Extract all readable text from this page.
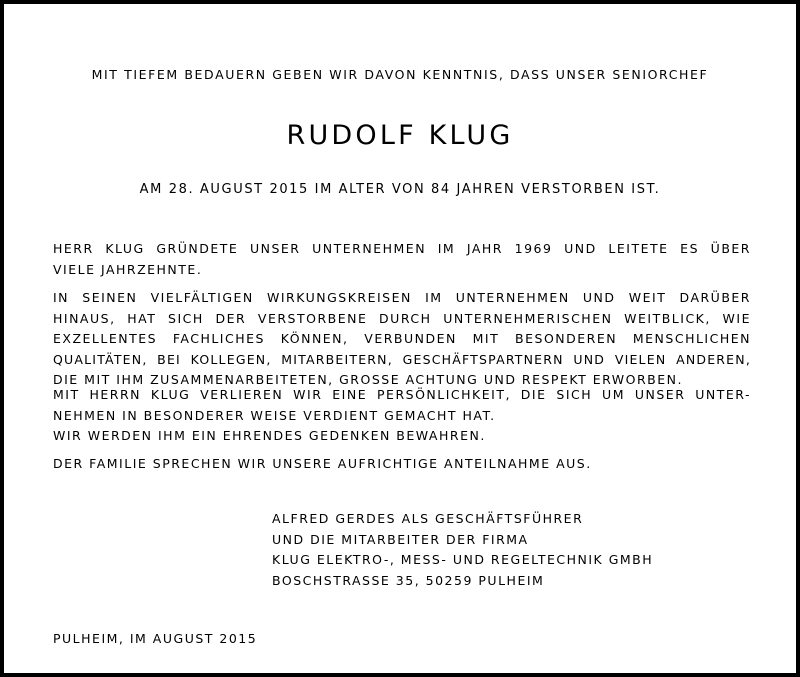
MIT TIEFEM BEDAUERN GEBEN WIR DAVON KENNTNIS, DASS UNSER SENIORCHEF

RUDOLF KLUG

AM 28. AUGUST 2015 IM ALTER VON 84 JAHREN VERSTORBEN IST.

HERR KLUG GRÜNDETE UNSER UNTERNEHMEN IM JAHR 1969 UND LEITETE ES ÜBER
VIELE JAHRZEHNTE.

IN SEINEN VIELFÄLTIGEN WIRKUNGSKREISEN IM UNTERNEHMEN UND WEIT DARÜBER
HINAUS, HAT SICH DER VERSTORBENE DURCH UNTERNEHMERISCHEN WEITBLICK, WIE
EXZELLENTES FACHLICHES KÖNNEN, VERBUNDEN MIT BESONDEREN MENSCHLICHEN
QUALITÄTEN, BEI KOLLEGEN, MITARBEITERN, GESCHÄFTSPARTNERN UND VIELEN ANDEREN,
DIE MIT IHM ZUSAMMENARBEITETEN, GROSSE ACHTUNG UND RESPEKT ERWORBEN.

MIT HERRN KLUG VERLIEREN WIR EINE PERSÖNLICHKEIT, DIE SICH UM UNSER UNTER-
NEHMEN IN BESONDERER WEISE VERDIENT GEMACHT HAT.
WIR WERDEN IHM EIN EHRENDES GEDENKEN BEWAHREN.

DER FAMILIE SPRECHEN WIR UNSERE AUFRICHTIGE ANTEILNAHME AUS.

ALFRED GERDES ALS GESCHÄFTSFÜHRER
UND DIE MITARBEITER DER FIRMA
KLUG ELEKTRO-, MESS- UND REGELTECHNIK GMBH
BOSCHSTRASSE 35, 50259 PULHEIM

PULHEIM, IM AUGUST 2015
